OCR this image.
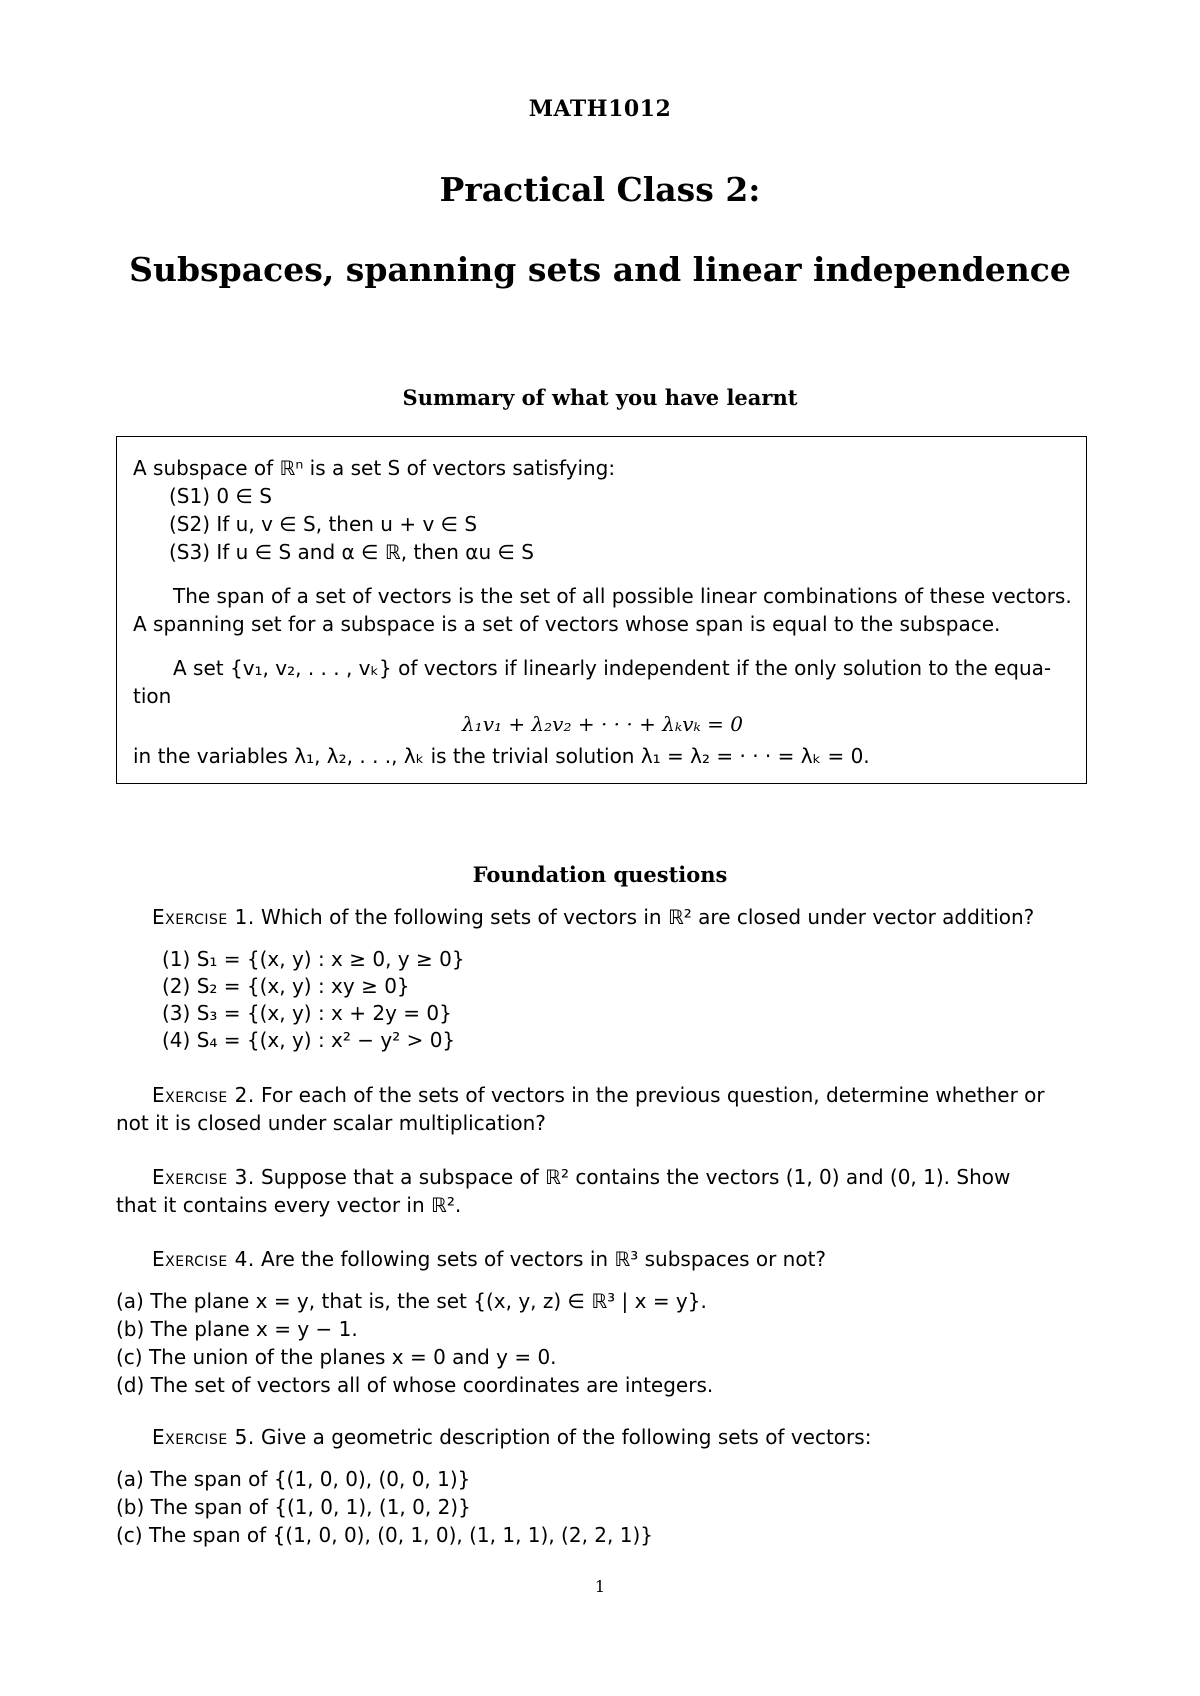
MATH1012
Practical Class 2:
Subspaces, spanning sets and linear independence
Summary of what you have learnt
A subspace of ℝⁿ is a set S of vectors satisfying:
(S1) 0 ∈ S
(S2) If u, v ∈ S, then u + v ∈ S
(S3) If u ∈ S and α ∈ ℝ, then αu ∈ S
The span of a set of vectors is the set of all possible linear combinations of these vectors.
A spanning set for a subspace is a set of vectors whose span is equal to the subspace.
A set {v₁, v₂, . . . , vₖ} of vectors if linearly independent if the only solution to the equa-
tion
λ₁v₁ + λ₂v₂ + · · · + λₖvₖ = 0
in the variables λ₁, λ₂, . . ., λₖ is the trivial solution λ₁ = λ₂ = · · · = λₖ = 0.
Foundation questions
Exercise 1. Which of the following sets of vectors in ℝ² are closed under vector addition?
(1) S₁ = {(x, y) : x ≥ 0, y ≥ 0}
(2) S₂ = {(x, y) : xy ≥ 0}
(3) S₃ = {(x, y) : x + 2y = 0}
(4) S₄ = {(x, y) : x² − y² > 0}
Exercise 2. For each of the sets of vectors in the previous question, determine whether or
not it is closed under scalar multiplication?
Exercise 3. Suppose that a subspace of ℝ² contains the vectors (1, 0) and (0, 1). Show
that it contains every vector in ℝ².
Exercise 4. Are the following sets of vectors in ℝ³ subspaces or not?
(a) The plane x = y, that is, the set {(x, y, z) ∈ ℝ³ | x = y}.
(b) The plane x = y − 1.
(c) The union of the planes x = 0 and y = 0.
(d) The set of vectors all of whose coordinates are integers.
Exercise 5. Give a geometric description of the following sets of vectors:
(a) The span of {(1, 0, 0), (0, 0, 1)}
(b) The span of {(1, 0, 1), (1, 0, 2)}
(c) The span of {(1, 0, 0), (0, 1, 0), (1, 1, 1), (2, 2, 1)}
1
